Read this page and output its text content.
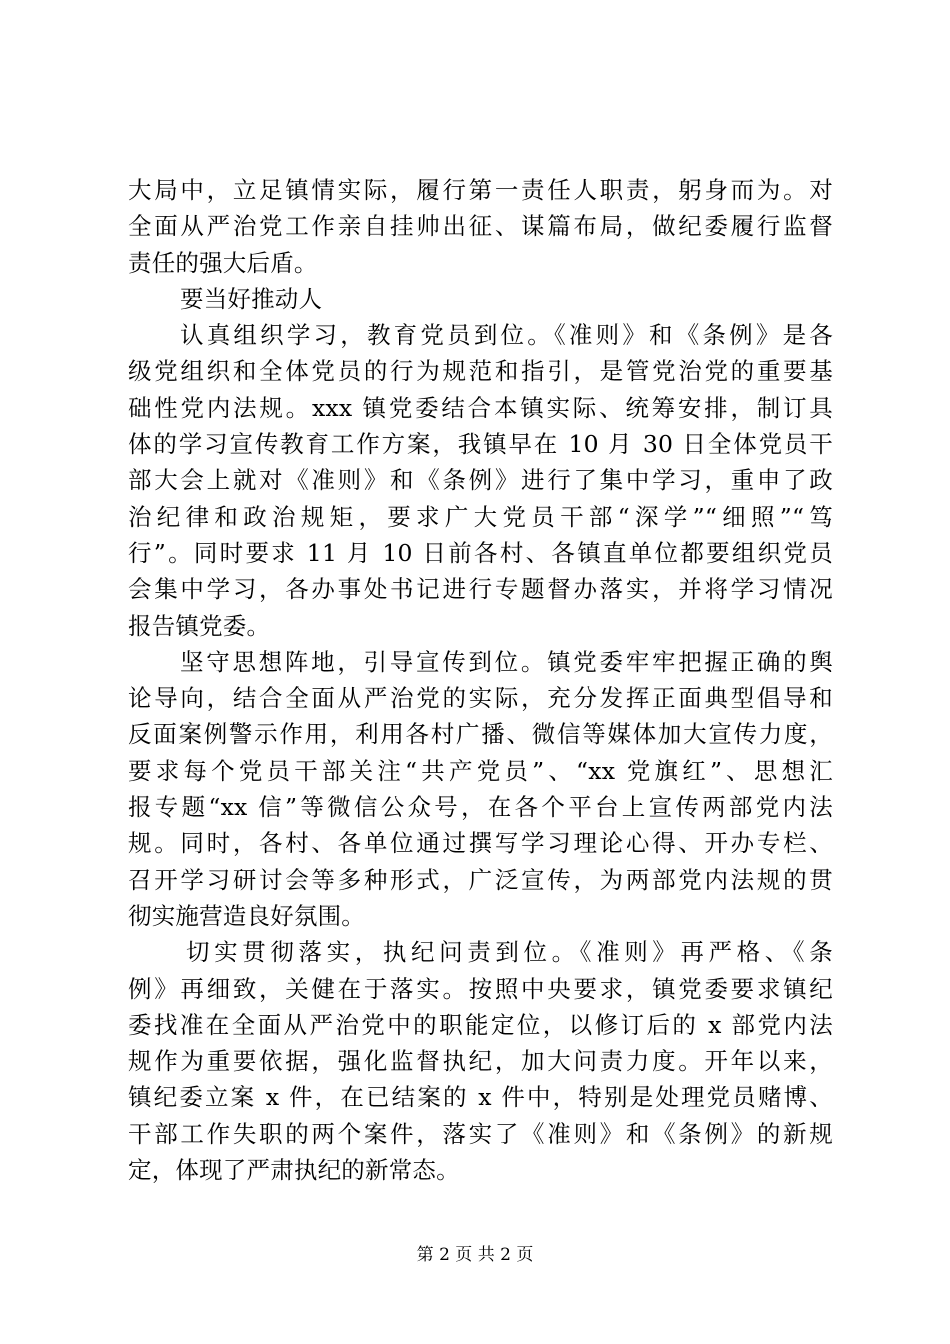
大局中，立足镇情实际，履行第一责任人职责，躬身而为。对
全面从严治党工作亲自挂帅出征、谋篇布局，做纪委履行监督
责任的强大后盾。
要当好推动人
认真组织学习，教育党员到位。《准则》和《条例》是各
级党组织和全体党员的行为规范和指引，是管党治党的重要基
础性党内法规。xxx 镇党委结合本镇实际、统筹安排，制订具
体的学习宣传教育工作方案，我镇早在 10 月 30 日全体党员干
部大会上就对《准则》和《条例》进行了集中学习，重申了政
治纪律和政治规矩，要求广大党员干部“深学”“细照”“笃
行”。同时要求 11 月 10 日前各村、各镇直单位都要组织党员
会集中学习，各办事处书记进行专题督办落实，并将学习情况
报告镇党委。
坚守思想阵地，引导宣传到位。镇党委牢牢把握正确的舆
论导向，结合全面从严治党的实际，充分发挥正面典型倡导和
反面案例警示作用，利用各村广播、微信等媒体加大宣传力度，
要求每个党员干部关注“共产党员”、“xx 党旗红”、思想汇
报专题“xx 信”等微信公众号，在各个平台上宣传两部党内法
规。同时，各村、各单位通过撰写学习理论心得、开办专栏、
召开学习研讨会等多种形式，广泛宣传，为两部党内法规的贯
彻实施营造良好氛围。
切实贯彻落实，执纪问责到位。《准则》再严格、《条
例》再细致，关健在于落实。按照中央要求，镇党委要求镇纪
委找准在全面从严治党中的职能定位，以修订后的 x 部党内法
规作为重要依据，强化监督执纪，加大问责力度。开年以来，
镇纪委立案 x 件，在已结案的 x 件中，特别是处理党员赌博、
干部工作失职的两个案件，落实了《准则》和《条例》的新规
定，体现了严肃执纪的新常态。
第 2 页 共 2 页
